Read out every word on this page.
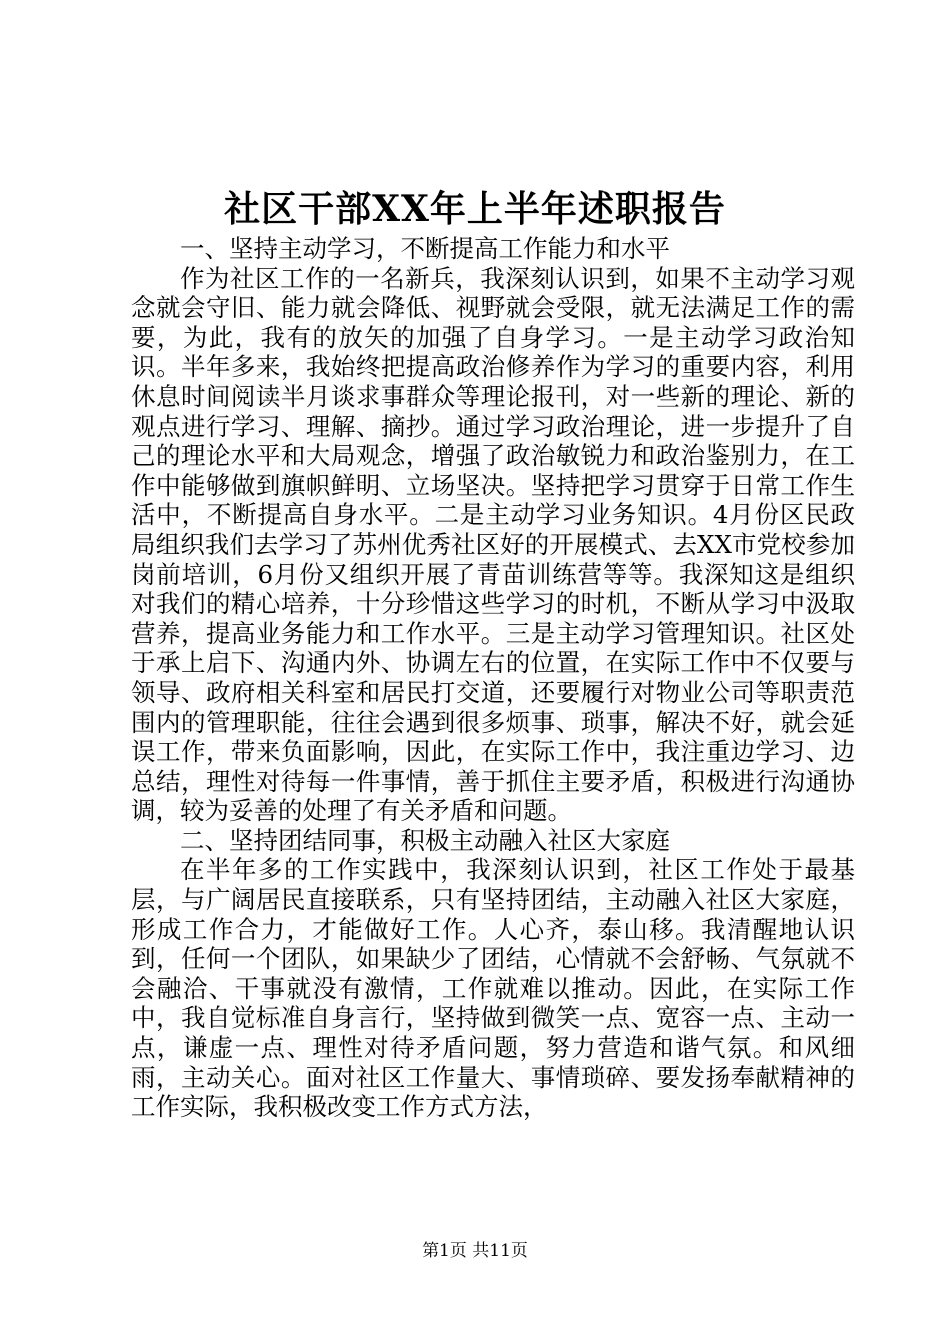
社区干部XX年上半年述职报告

一、坚持主动学习，不断提高工作能力和水平

作为社区工作的一名新兵，我深刻认识到，如果不主动学习观念就会守旧、能力就会降低、视野就会受限，就无法满足工作的需要，为此，我有的放矢的加强了自身学习。一是主动学习政治知识。半年多来，我始终把提高政治修养作为学习的重要内容，利用休息时间阅读半月谈求事群众等理论报刊，对一些新的理论、新的观点进行学习、理解、摘抄。通过学习政治理论，进一步提升了自己的理论水平和大局观念，增强了政治敏锐力和政治鉴别力，在工作中能够做到旗帜鲜明、立场坚决。坚持把学习贯穿于日常工作生活中，不断提高自身水平。二是主动学习业务知识。4月份区民政局组织我们去学习了苏州优秀社区好的开展模式、去XX市党校参加岗前培训，6月份又组织开展了青苗训练营等等。我深知这是组织对我们的精心培养，十分珍惜这些学习的时机，不断从学习中汲取营养，提高业务能力和工作水平。三是主动学习管理知识。社区处于承上启下、沟通内外、协调左右的位置，在实际工作中不仅要与领导、政府相关科室和居民打交道，还要履行对物业公司等职责范围内的管理职能，往往会遇到很多烦事、琐事，解决不好，就会延误工作，带来负面影响，因此，在实际工作中，我注重边学习、边总结，理性对待每一件事情，善于抓住主要矛盾，积极进行沟通协调，较为妥善的处理了有关矛盾和问题。

二、坚持团结同事，积极主动融入社区大家庭

在半年多的工作实践中，我深刻认识到，社区工作处于最基层，与广阔居民直接联系，只有坚持团结，主动融入社区大家庭，形成工作合力，才能做好工作。人心齐，泰山移。我清醒地认识到，任何一个团队，如果缺少了团结，心情就不会舒畅、气氛就不会融洽、干事就没有激情，工作就难以推动。因此，在实际工作中，我自觉标准自身言行，坚持做到微笑一点、宽容一点、主动一点，谦虚一点、理性对待矛盾问题，努力营造和谐气氛。和风细雨，主动关心。面对社区工作量大、事情琐碎、要发扬奉献精神的工作实际，我积极改变工作方式方法，

第1页 共11页
